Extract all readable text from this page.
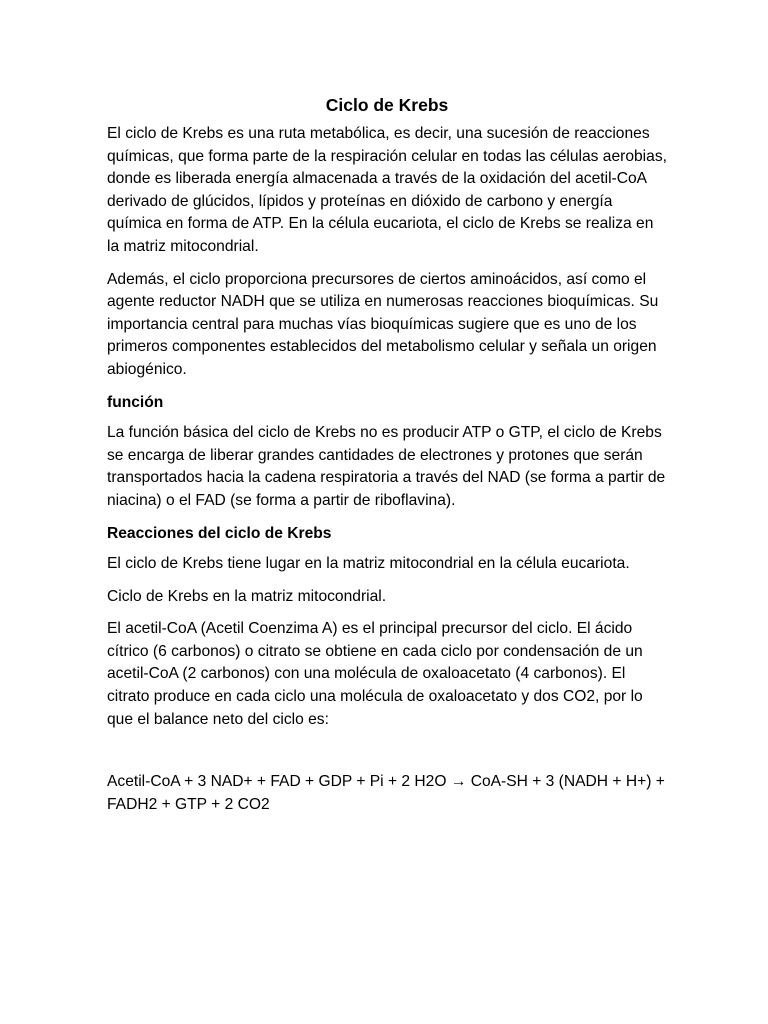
Ciclo de Krebs

El ciclo de Krebs es una ruta metabólica, es decir, una sucesión de reacciones químicas, que forma parte de la respiración celular en todas las células aerobias, donde es liberada energía almacenada a través de la oxidación del acetil-CoA derivado de glúcidos, lípidos y proteínas en dióxido de carbono y energía química en forma de ATP. En la célula eucariota, el ciclo de Krebs se realiza en la matriz mitocondrial.

Además, el ciclo proporciona precursores de ciertos aminoácidos, así como el agente reductor NADH que se utiliza en numerosas reacciones bioquímicas. Su importancia central para muchas vías bioquímicas sugiere que es uno de los primeros componentes establecidos del metabolismo celular y señala un origen abiogénico.

función

La función básica del ciclo de Krebs no es producir ATP o GTP, el ciclo de Krebs se encarga de liberar grandes cantidades de electrones y protones que serán transportados hacia la cadena respiratoria a través del NAD (se forma a partir de niacina) o el FAD (se forma a partir de riboflavina).

Reacciones del ciclo de Krebs

El ciclo de Krebs tiene lugar en la matriz mitocondrial en la célula eucariota.

Ciclo de Krebs en la matriz mitocondrial.

El acetil-CoA (Acetil Coenzima A) es el principal precursor del ciclo. El ácido cítrico (6 carbonos) o citrato se obtiene en cada ciclo por condensación de un acetil-CoA (2 carbonos) con una molécula de oxaloacetato (4 carbonos). El citrato produce en cada ciclo una molécula de oxaloacetato y dos CO2, por lo que el balance neto del ciclo es:

Acetil-CoA + 3 NAD+ + FAD + GDP + Pi + 2 H2O → CoA-SH + 3 (NADH + H+) + FADH2 + GTP + 2 CO2
